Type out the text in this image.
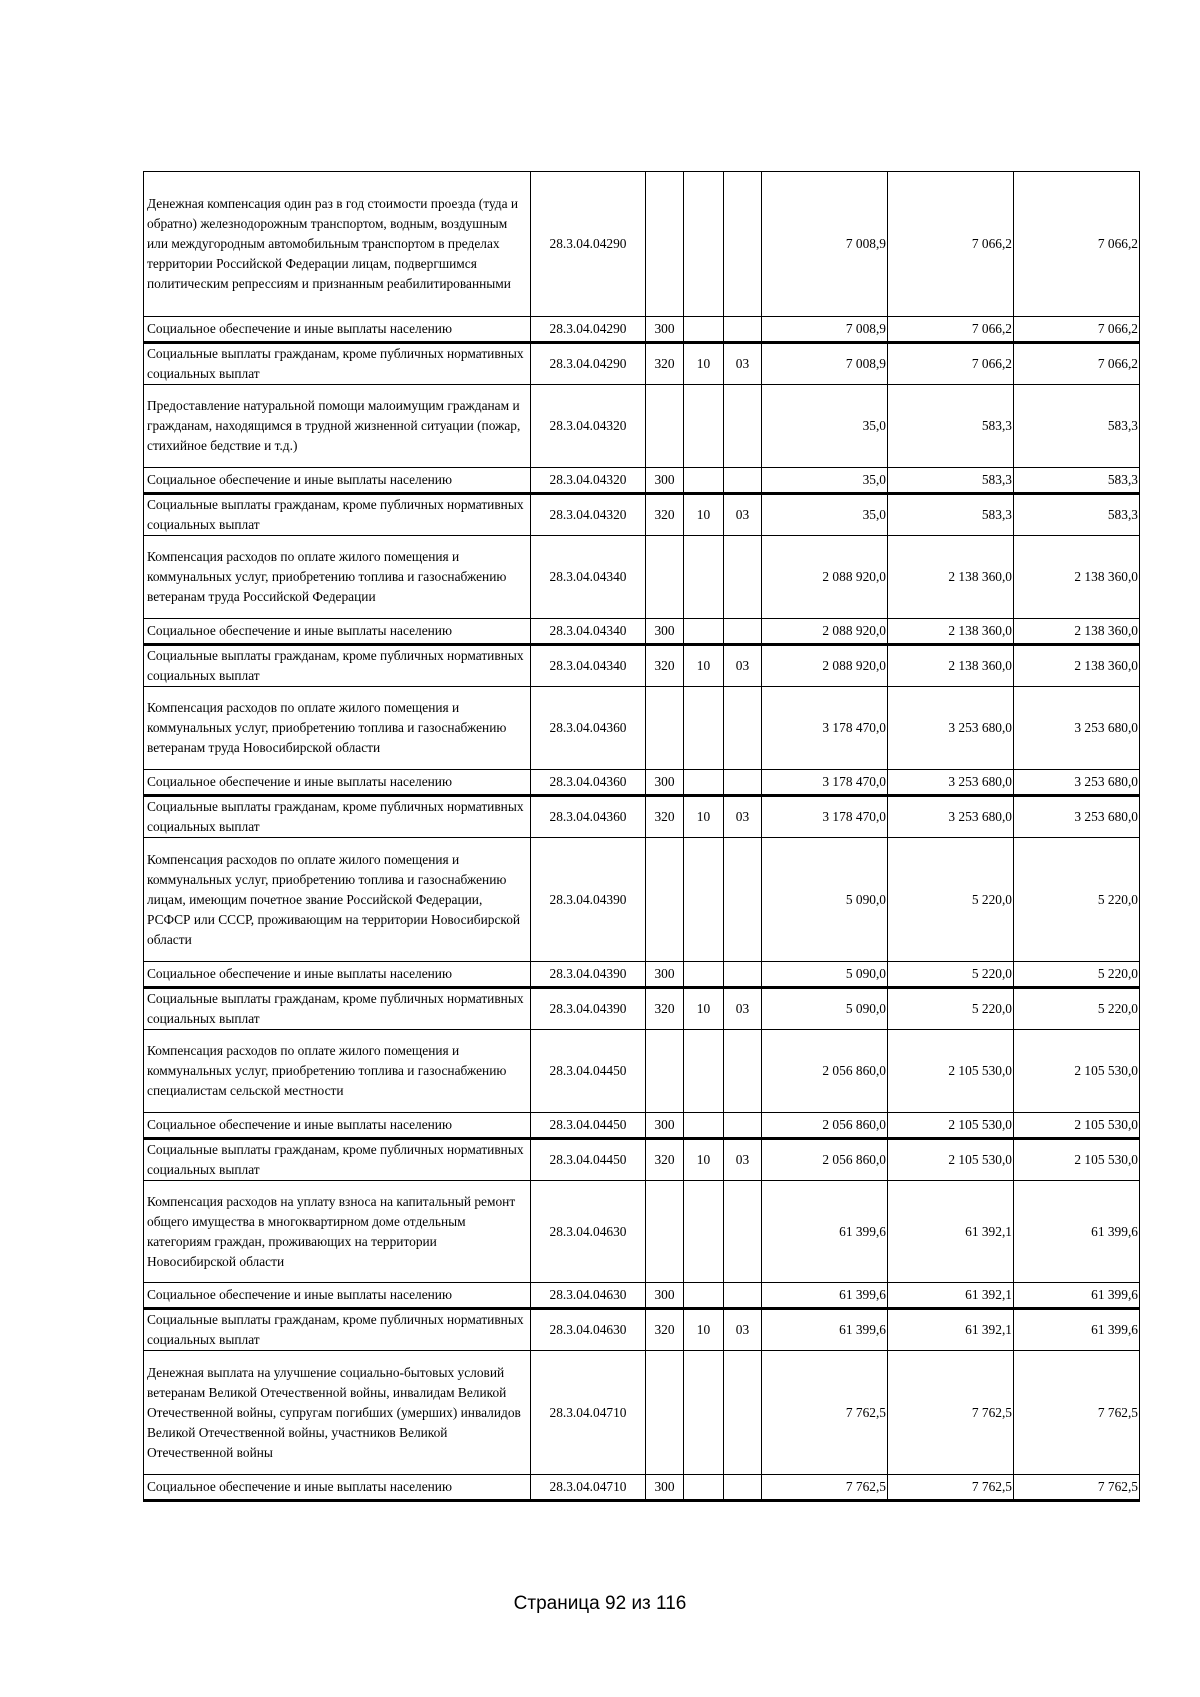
Денежная компенсация один раз в год стоимости проезда (туда и обратно) железнодорожным транспортом, водным, воздушным или междугородным автомобильным транспортом в пределах территории Российской Федерации лицам, подвергшимся политическим репрессиям и признанным реабилитированными	28.3.04.04290				7 008,9	7 066,2	7 066,2
Социальное обеспечение и иные выплаты населению	28.3.04.04290	300			7 008,9	7 066,2	7 066,2
Социальные выплаты гражданам, кроме публичных нормативных социальных выплат	28.3.04.04290	320	10	03	7 008,9	7 066,2	7 066,2
Предоставление натуральной помощи малоимущим гражданам и гражданам, находящимся в трудной жизненной ситуации (пожар, стихийное бедствие и т.д.)	28.3.04.04320				35,0	583,3	583,3
Социальное обеспечение и иные выплаты населению	28.3.04.04320	300			35,0	583,3	583,3
Социальные выплаты гражданам, кроме публичных нормативных социальных выплат	28.3.04.04320	320	10	03	35,0	583,3	583,3
Компенсация расходов по оплате жилого помещения и коммунальных услуг, приобретению топлива и газоснабжению ветеранам труда Российской Федерации	28.3.04.04340				2 088 920,0	2 138 360,0	2 138 360,0
Социальное обеспечение и иные выплаты населению	28.3.04.04340	300			2 088 920,0	2 138 360,0	2 138 360,0
Социальные выплаты гражданам, кроме публичных нормативных социальных выплат	28.3.04.04340	320	10	03	2 088 920,0	2 138 360,0	2 138 360,0
Компенсация расходов по оплате жилого помещения и коммунальных услуг, приобретению топлива и газоснабжению ветеранам труда Новосибирской области	28.3.04.04360				3 178 470,0	3 253 680,0	3 253 680,0
Социальное обеспечение и иные выплаты населению	28.3.04.04360	300			3 178 470,0	3 253 680,0	3 253 680,0
Социальные выплаты гражданам, кроме публичных нормативных социальных выплат	28.3.04.04360	320	10	03	3 178 470,0	3 253 680,0	3 253 680,0
Компенсация расходов по оплате жилого помещения и коммунальных услуг, приобретению топлива и газоснабжению лицам, имеющим почетное звание Российской Федерации, РСФСР или СССР, проживающим на территории Новосибирской области	28.3.04.04390				5 090,0	5 220,0	5 220,0
Социальное обеспечение и иные выплаты населению	28.3.04.04390	300			5 090,0	5 220,0	5 220,0
Социальные выплаты гражданам, кроме публичных нормативных социальных выплат	28.3.04.04390	320	10	03	5 090,0	5 220,0	5 220,0
Компенсация расходов по оплате жилого помещения и коммунальных услуг, приобретению топлива и газоснабжению специалистам сельской местности	28.3.04.04450				2 056 860,0	2 105 530,0	2 105 530,0
Социальное обеспечение и иные выплаты населению	28.3.04.04450	300			2 056 860,0	2 105 530,0	2 105 530,0
Социальные выплаты гражданам, кроме публичных нормативных социальных выплат	28.3.04.04450	320	10	03	2 056 860,0	2 105 530,0	2 105 530,0
Компенсация расходов на уплату взноса на капитальный ремонт общего имущества в многоквартирном доме отдельным категориям граждан, проживающих на территории Новосибирской области	28.3.04.04630				61 399,6	61 392,1	61 399,6
Социальное обеспечение и иные выплаты населению	28.3.04.04630	300			61 399,6	61 392,1	61 399,6
Социальные выплаты гражданам, кроме публичных нормативных социальных выплат	28.3.04.04630	320	10	03	61 399,6	61 392,1	61 399,6
Денежная выплата на улучшение социально-бытовых условий ветеранам Великой Отечественной войны, инвалидам Великой Отечественной войны, супругам погибших (умерших) инвалидов Великой Отечественной войны, участников Великой Отечественной войны	28.3.04.04710				7 762,5	7 762,5	7 762,5
Социальное обеспечение и иные выплаты населению	28.3.04.04710	300			7 762,5	7 762,5	7 762,5
Страница 92 из 116
